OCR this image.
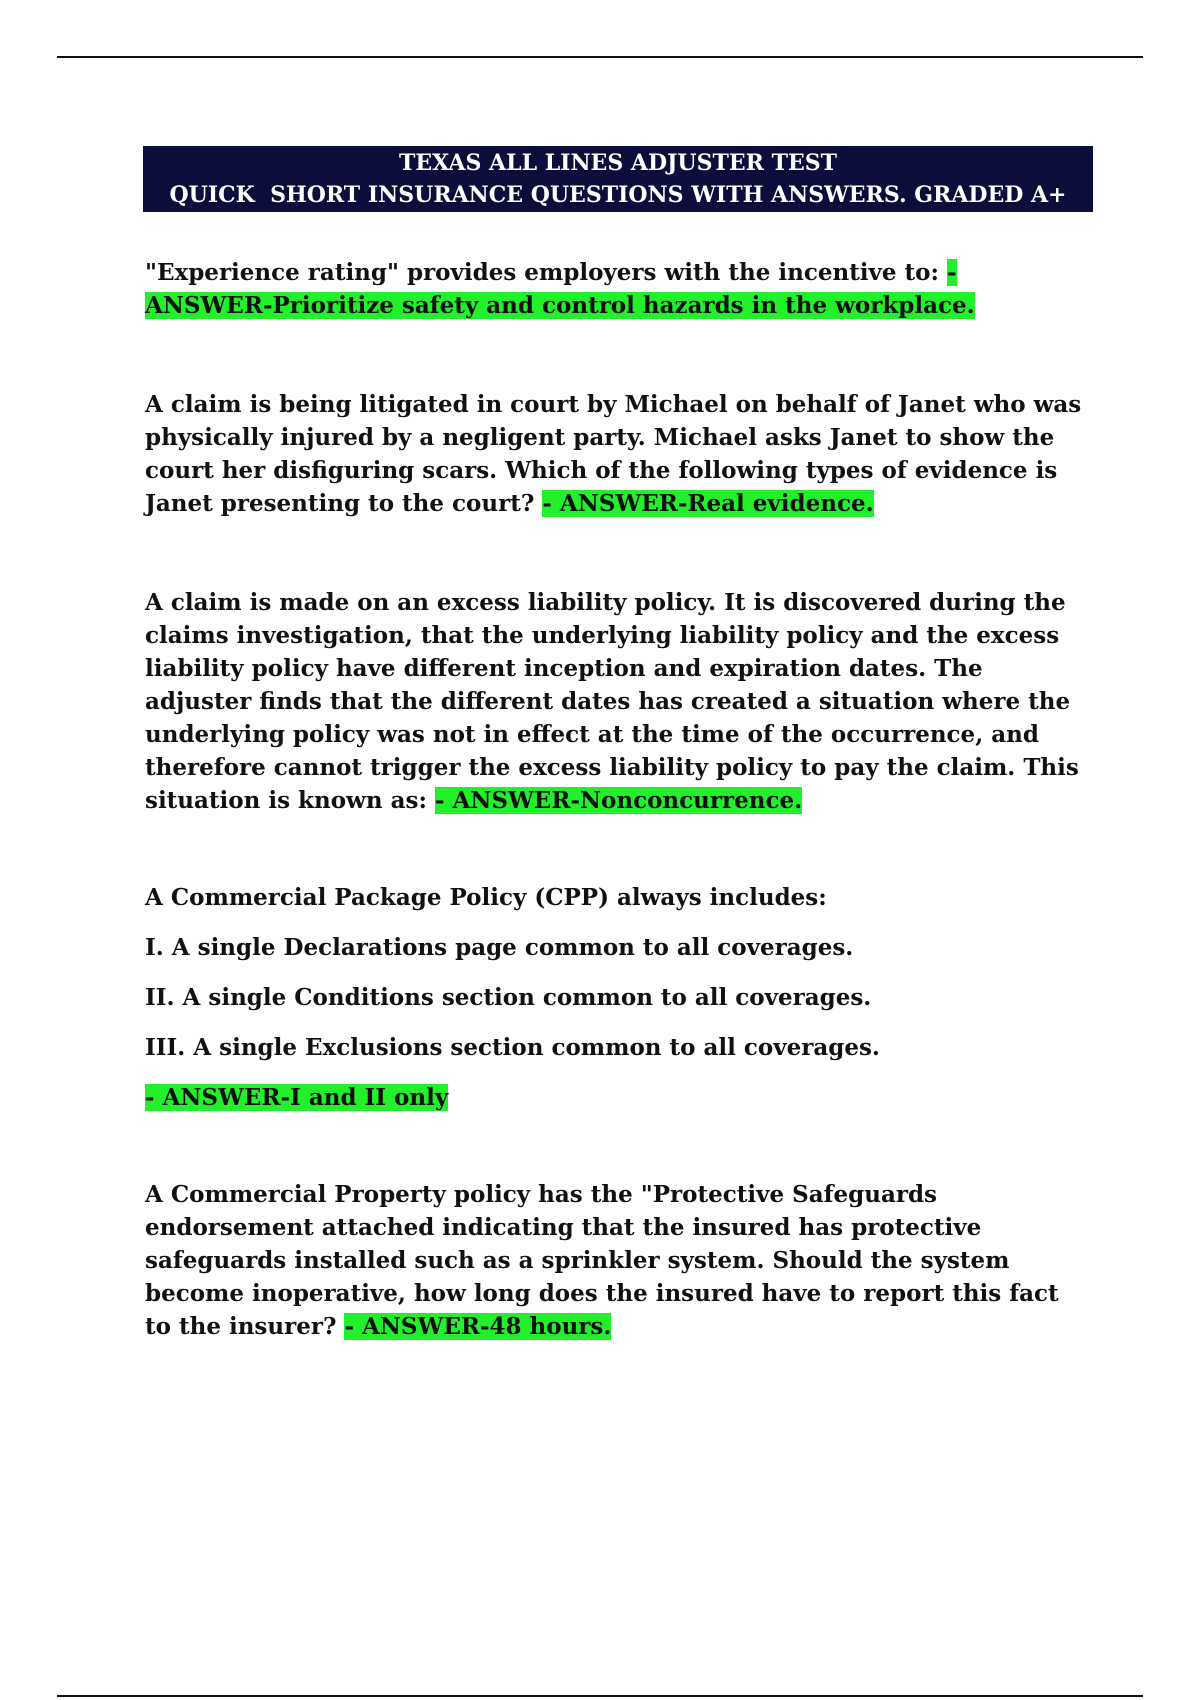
TEXAS ALL LINES ADJUSTER TEST
QUICK  SHORT INSURANCE QUESTIONS WITH ANSWERS. GRADED A+

"Experience rating" provides employers with the incentive to: - ANSWER-Prioritize safety and control hazards in the workplace.

A claim is being litigated in court by Michael on behalf of Janet who was physically injured by a negligent party. Michael asks Janet to show the court her disfiguring scars. Which of the following types of evidence is Janet presenting to the court? - ANSWER-Real evidence.

A claim is made on an excess liability policy. It is discovered during the claims investigation, that the underlying liability policy and the excess liability policy have different inception and expiration dates. The adjuster finds that the different dates has created a situation where the underlying policy was not in effect at the time of the occurrence, and therefore cannot trigger the excess liability policy to pay the claim. This situation is known as: - ANSWER-Nonconcurrence.

A Commercial Package Policy (CPP) always includes:

I. A single Declarations page common to all coverages.

II. A single Conditions section common to all coverages.

III. A single Exclusions section common to all coverages.

- ANSWER-I and II only

A Commercial Property policy has the "Protective Safeguards endorsement attached indicating that the insured has protective safeguards installed such as a sprinkler system. Should the system become inoperative, how long does the insured have to report this fact to the insurer? - ANSWER-48 hours.
